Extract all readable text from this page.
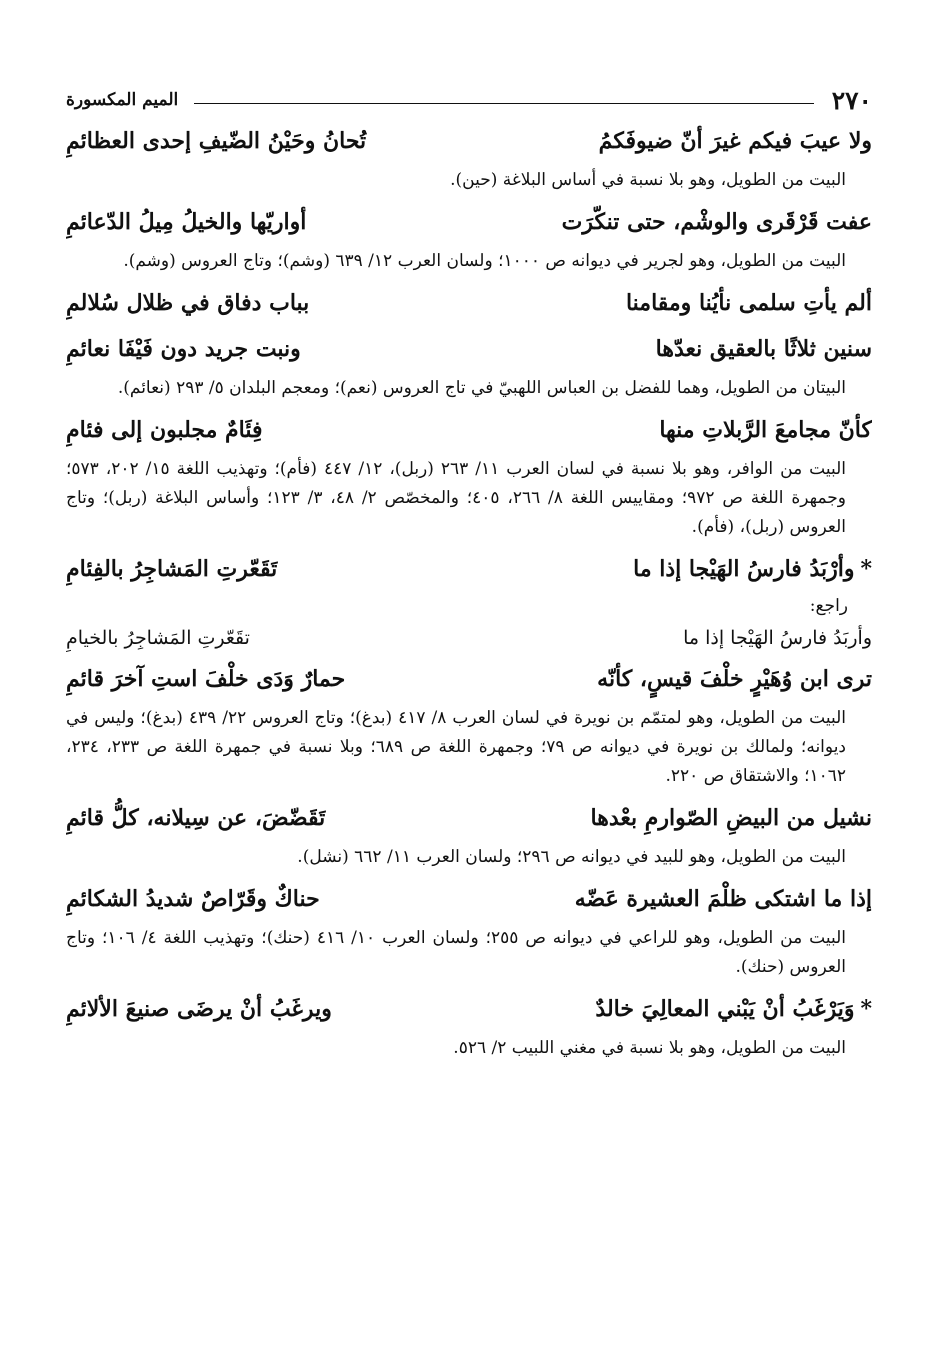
٢٧٠
الميم المكسورة
ولا عيبَ فيكم غيرَ أنّ ضيوفَكمُ
تُحانُ وحَيْنُ الضّيفِ إحدى العظائمِ
البيت من الطويل، وهو بلا نسبة في أساس البلاغة (حين).
عفت قَرْقَرى والوشْم، حتى تنكّرَت
أواريّها والخيلُ مِيلُ الدّعائمِ
البيت من الطويل، وهو لجرير في ديوانه ص ١٠٠٠؛ ولسان العرب ١٢/ ٦٣٩ (وشم)؛ وتاج العروس (وشم).
ألم يأتِ سلمى نأيُنا ومقامنا
بباب دفاق في ظلال سُلالمِ
سنين ثلاثًا بالعقيق نعدّها
ونبت جريد دون فَيْفَا نعائمِ
البيتان من الطويل، وهما للفضل بن العباس اللهبيّ في تاج العروس (نعم)؛ ومعجم البلدان ٥/ ٢٩٣ (نعائم).
كأنّ مجامعَ الرَّبلاتِ منها
فِئَامٌ مجلبون إلى فئامِ
البيت من الوافر، وهو بلا نسبة في لسان العرب ١١/ ٢٦٣ (ربل)، ١٢/ ٤٤٧ (فأم)؛ وتهذيب اللغة ١٥/ ٢٠٢، ٥٧٣؛ وجمهرة اللغة ص ٩٧٢؛ ومقاييس اللغة ٨/ ٢٦٦، ٤٠٥؛ والمخصّص ٢/ ٤٨، ٣/ ١٢٣؛ وأساس البلاغة (ربل)؛ وتاج العروس (ربل)، (فأم).
*وأرْبَدُ فارسُ الهَيْجا إذا ما
تَقَعّرتِ المَشاجِرُ بالفِئامِ
راجع:
وأربَدُ فارسُ الهَيْجا إذا ما
تقَعّرتِ المَشاجِرُ بالخيامِ
ترى ابن وُهَيْرٍ خلْفَ قيسٍ، كأنّه
حمارٌ وَدَى خلْفَ استِ آخرَ قائمِ
البيت من الطويل، وهو لمتمّم بن نويرة في لسان العرب ٨/ ٤١٧ (بدغ)؛ وتاج العروس ٢٢/ ٤٣٩ (بدغ)؛ وليس في ديوانه؛ ولمالك بن نويرة في ديوانه ص ٧٩؛ وجمهرة اللغة ص ٦٨٩؛ وبلا نسبة في جمهرة اللغة ص ٢٣٣، ٢٣٤، ١٠٦٢؛ والاشتقاق ص ٢٢٠.
نشيل من البيضِ الصّوارمِ بعْدها
تَقَضّضَ، عن سِيلانه، كلُّ قائمِ
البيت من الطويل، وهو للبيد في ديوانه ص ٢٩٦؛ ولسان العرب ١١/ ٦٦٢ (نشل).
إذا ما اشتكى ظلْمَ العشيرة عَضّه
حناكٌ وقَرّاصٌ شديدُ الشكائمِ
البيت من الطويل، وهو للراعي في ديوانه ص ٢٥٥؛ ولسان العرب ١٠/ ٤١٦ (حنك)؛ وتهذيب اللغة ٤/ ١٠٦؛ وتاج العروس (حنك).
*وَيَرْغَبُ أنْ يَبْني المعالِيَ خالدٌ
ويرغَبُ أنْ يرضَى صنيعَ الألائمِ
البيت من الطويل، وهو بلا نسبة في مغني اللبيب ٢/ ٥٢٦.
